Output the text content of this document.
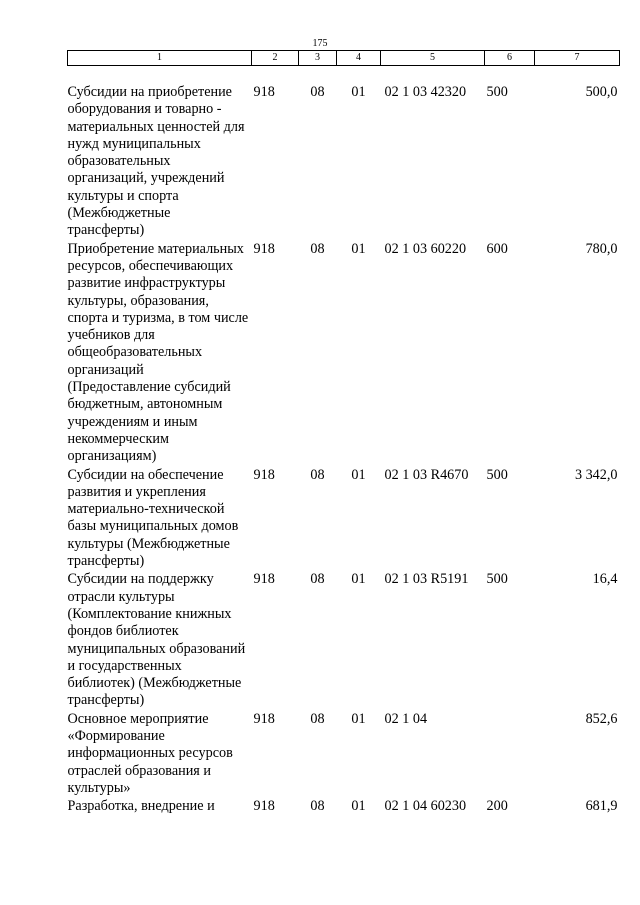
175
1	2	3	4	5	6	7
Субсидии на приобретение оборудования и товарно - материальных ценностей для нужд муниципальных образовательных организаций, учреждений культуры и спорта (Межбюджетные трансферты)	918	08	01	02 1 03 42320	500	500,0
Приобретение материальных ресурсов, обеспечивающих развитие инфраструктуры культуры, образования, спорта и туризма, в том числе учебников для общеобразовательных организаций (Предоставление субсидий бюджетным, автономным учреждениям и иным некоммерческим организациям)	918	08	01	02 1 03 60220	600	780,0
Субсидии на обеспечение развития и укрепления материально-технической базы муниципальных домов культуры (Межбюджетные трансферты)	918	08	01	02 1 03 R4670	500	3 342,0
Субсидии на поддержку отрасли культуры (Комплектование книжных фондов библиотек муниципальных образований и государственных библиотек) (Межбюджетные трансферты)	918	08	01	02 1 03 R5191	500	16,4
Основное мероприятие «Формирование информационных ресурсов отраслей образования и культуры»	918	08	01	02 1 04		852,6
Разработка, внедрение и	918	08	01	02 1 04 60230	200	681,9
